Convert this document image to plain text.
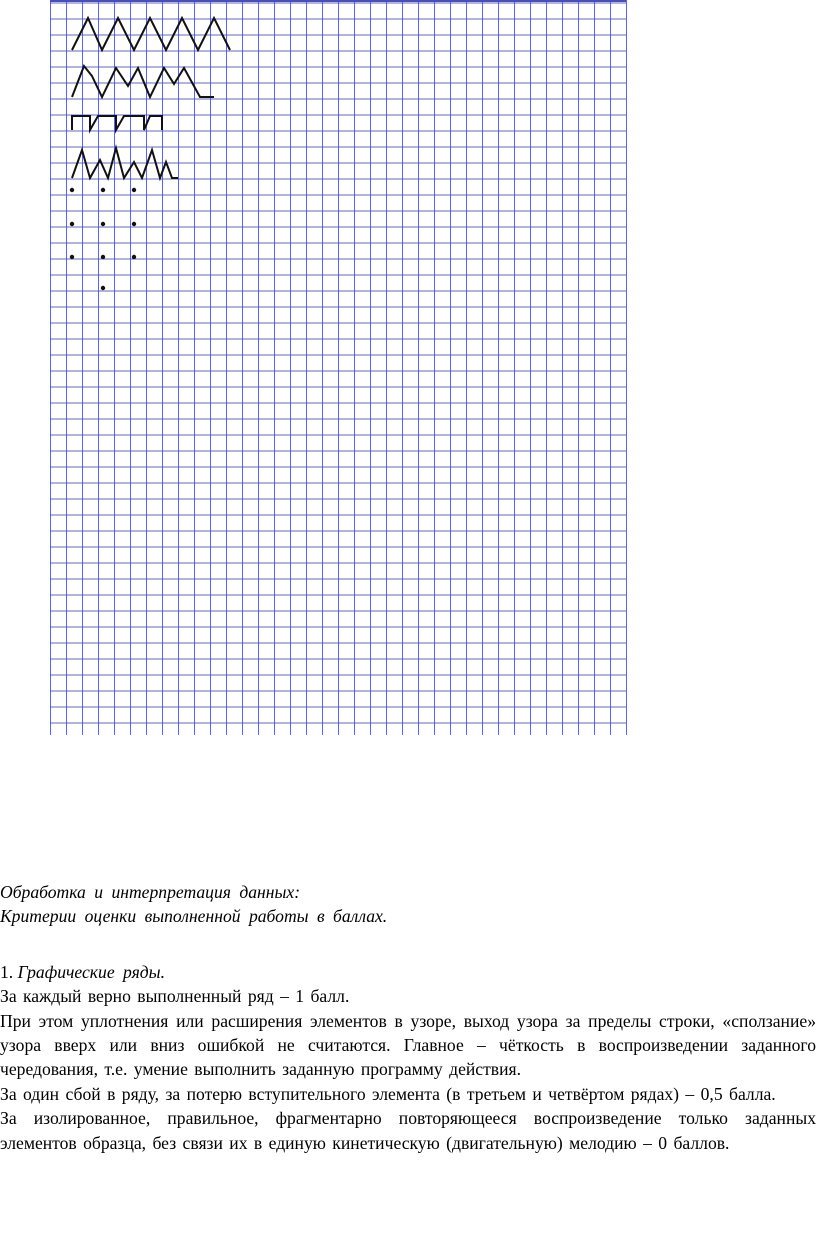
Обработка и интерпретация данных:

Критерии оценки выполненной работы в баллах.

1. Графические ряды.

За каждый верно выполненный ряд – 1 балл.

При этом уплотнения или расширения элементов в узоре, выход узора за пределы строки, «сползание» узора вверх или вниз ошибкой не считаются. Главное – чёткость в воспроизведении заданного чередования, т.е. умение выполнить заданную программу действия.

За один сбой в ряду, за потерю вступительного элемента (в третьем и четвёртом рядах) – 0,5 балла.

За изолированное, правильное, фрагментарно повторяющееся воспроизведение только заданных элементов образца, без связи их в единую кинетическую (двигательную) мелодию – 0 баллов.
